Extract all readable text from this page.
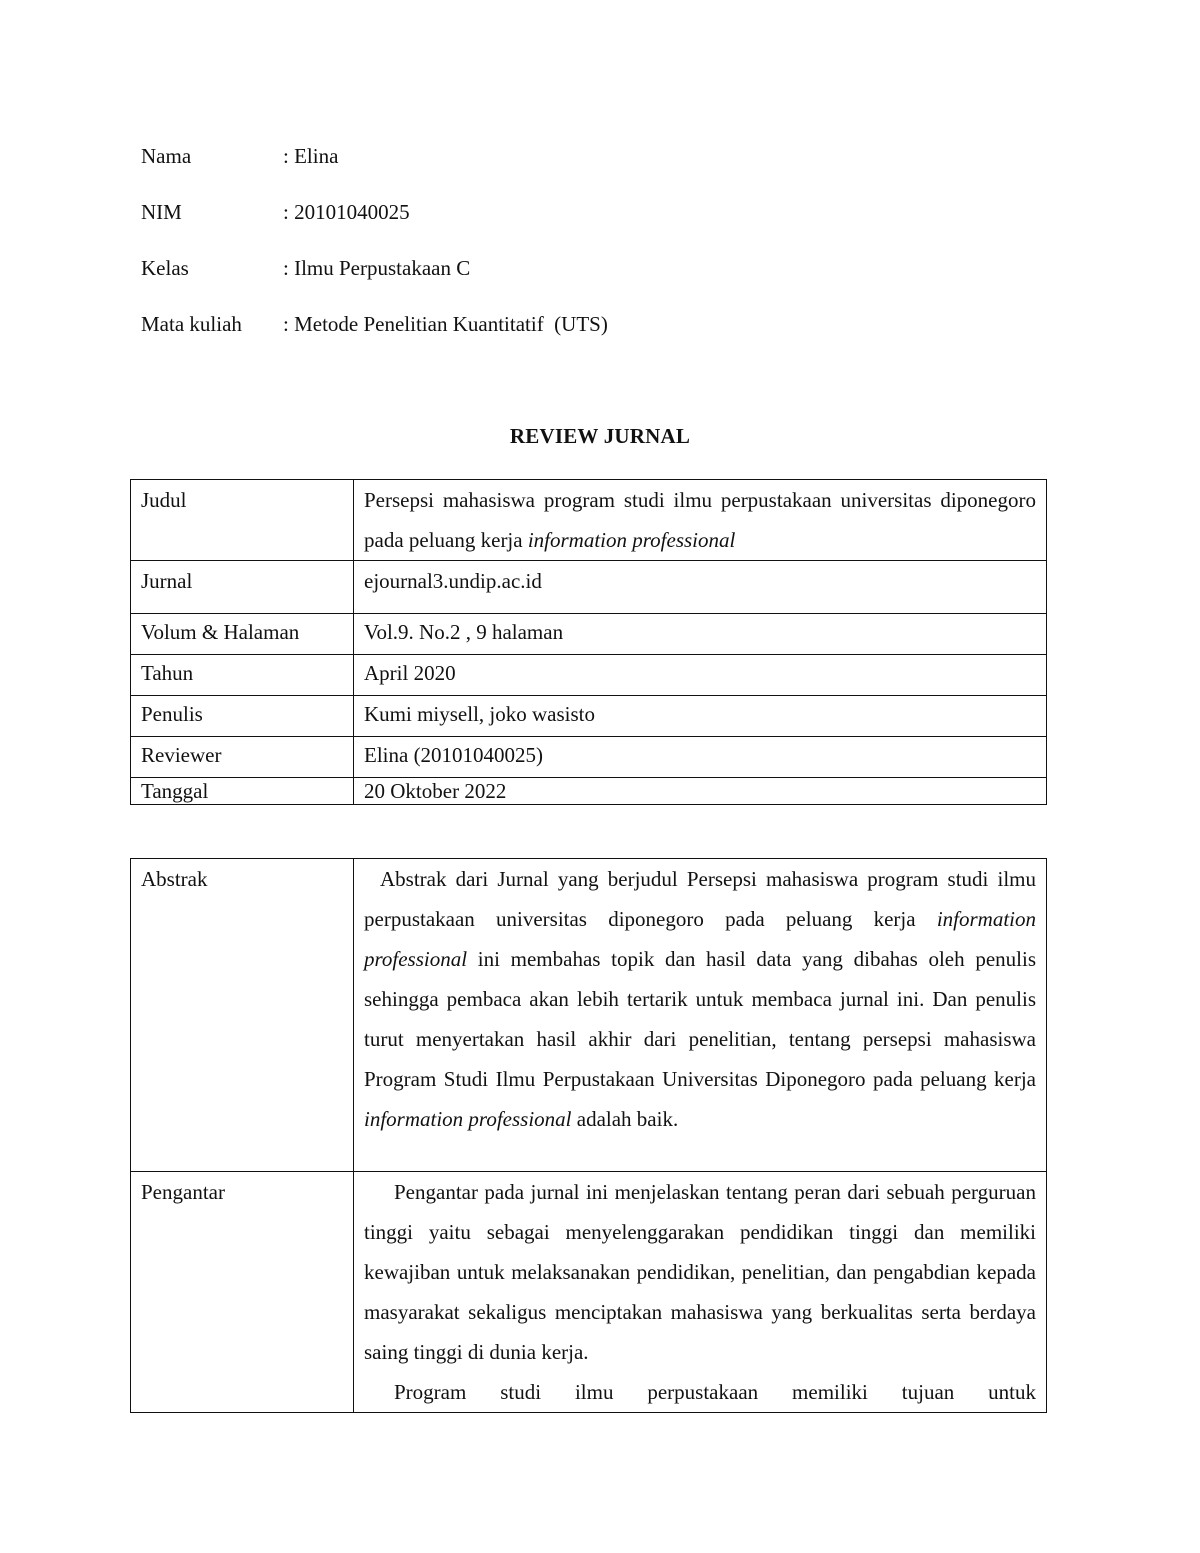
Nama	: Elina
NIM	: 20101040025
Kelas	: Ilmu Perpustakaan C
Mata kuliah : Metode Penelitian Kuantitatif  (UTS)
REVIEW JURNAL
Judul	Persepsi mahasiswa program studi ilmu perpustakaan universitas diponegoro pada peluang kerja information professional

Jurnal	ejournal3.undip.ac.id
Volum & Halaman	Vol.9. No.2 , 9 halaman
Tahun	April 2020
Penulis	Kumi miysell, joko wasisto
Reviewer	Elina (20101040025)
Tanggal	20 Oktober 2022
Abstrak	Abstrak dari Jurnal yang berjudul Persepsi mahasiswa program studi ilmu perpustakaan universitas diponegoro pada peluang kerja information professional ini membahas topik dan hasil data yang dibahas oleh penulis sehingga pembaca akan lebih tertarik untuk membaca jurnal ini. Dan penulis turut menyertakan hasil akhir dari penelitian, tentang persepsi mahasiswa Program Studi Ilmu Perpustakaan Universitas Diponegoro pada peluang kerja information professional adalah baik.

Pengantar	Pengantar pada jurnal ini menjelaskan tentang peran dari sebuah perguruan tinggi yaitu sebagai menyelenggarakan pendidikan tinggi dan memiliki kewajiban untuk melaksanakan pendidikan, penelitian, dan pengabdian kepada masyarakat sekaligus menciptakan mahasiswa yang berkualitas serta berdaya saing tinggi di dunia kerja.
Program studi ilmu perpustakaan memiliki tujuan untuk
